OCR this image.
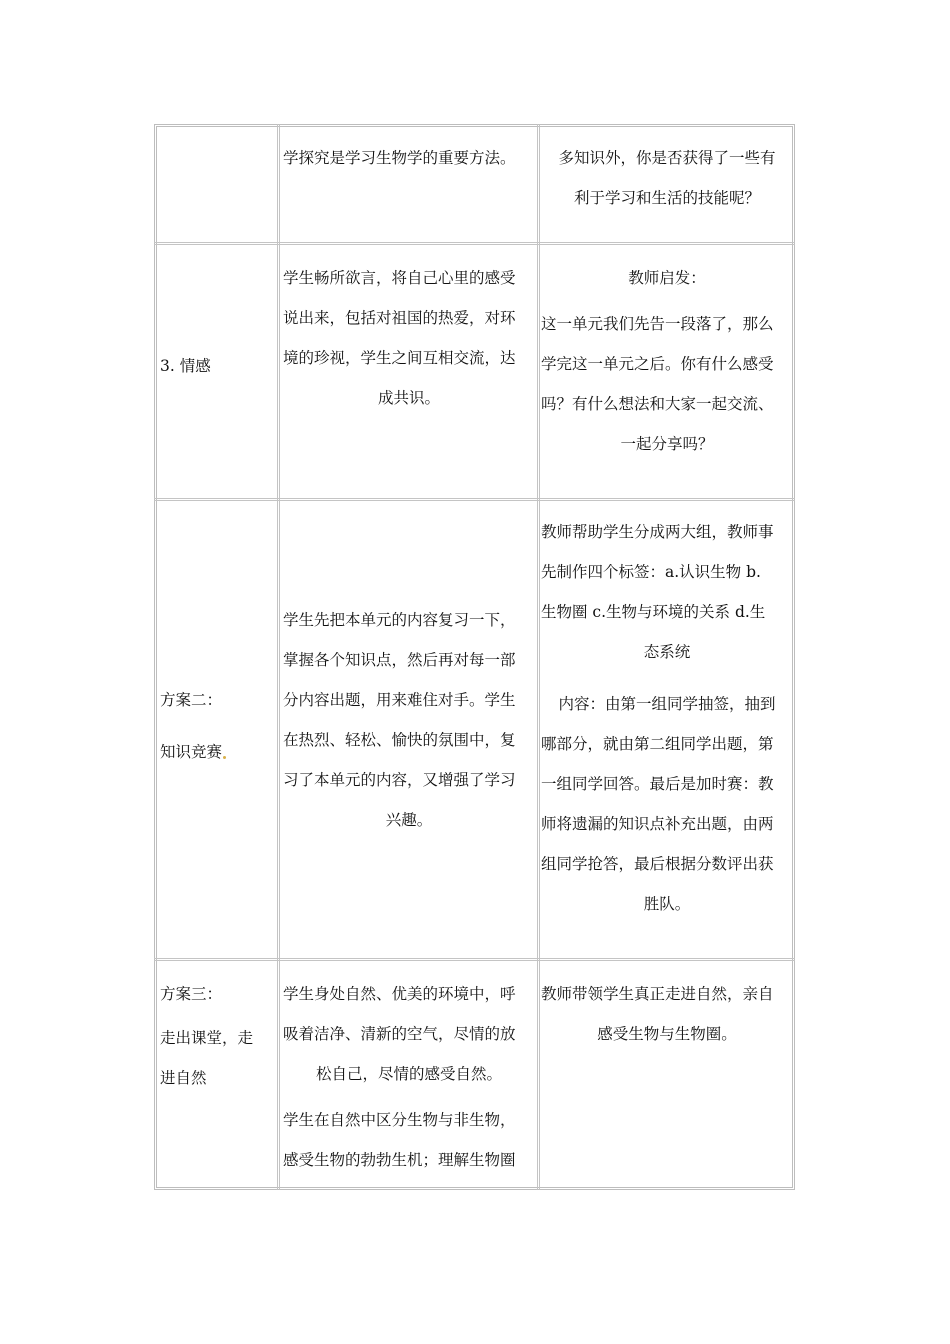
学探究是学习生物学的重要方法。	多知识外，你是否获得了一些有

利于学习和生活的技能呢？

3. 情感

学生畅所欲言，将自己心里的感受

说出来，包括对祖国的热爱，对环

境的珍视，学生之间互相交流，达

成共识。

教师启发：

这一单元我们先告一段落了，那么

学完这一单元之后。你有什么感受

吗？有什么想法和大家一起交流、

一起分享吗？

方案二：

知识竞赛

学生先把本单元的内容复习一下，

掌握各个知识点，然后再对每一部

分内容出题，用来难住对手。学生

在热烈、轻松、愉快的氛围中，复

习了本单元的内容，又增强了学习

兴趣。

教师帮助学生分成两大组，教师事

先制作四个标签：a.认识生物 b.

生物圈 c.生物与环境的关系 d.生

态系统

内容：由第一组同学抽签，抽到

哪部分，就由第二组同学出题，第

一组同学回答。最后是加时赛：教

师将遗漏的知识点补充出题，由两

组同学抢答，最后根据分数评出获

胜队。

方案三：

走出课堂，走

进自然

学生身处自然、优美的环境中，呼

吸着洁净、清新的空气，尽情的放

松自己，尽情的感受自然。

学生在自然中区分生物与非生物，

感受生物的勃勃生机；理解生物圈

教师带领学生真正走进自然，亲自

感受生物与生物圈。
